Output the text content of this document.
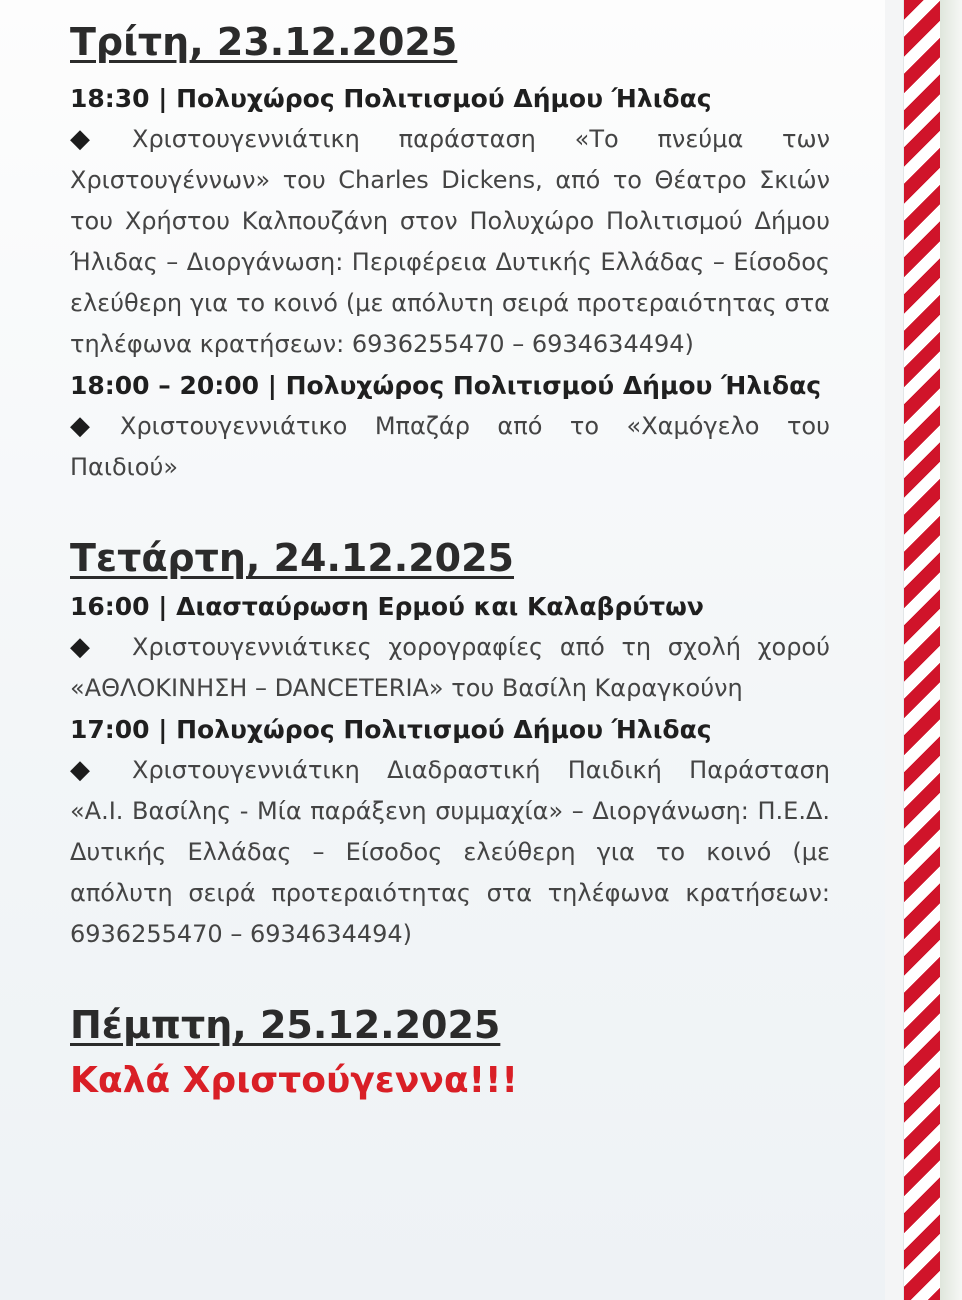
Τρίτη, 23.12.2025
18:30 | Πολυχώρος Πολιτισμού Δήμου Ήλιδας

◆ Χριστουγεννιάτικη παράσταση «Το πνεύμα των Χριστουγέννων» του Charles Dickens, από το Θέατρο Σκιών του Χρήστου Καλπουζάνη στον Πολυχώρο Πολιτισμού Δήμου Ήλιδας – Διοργάνωση: Περιφέρεια Δυτικής Ελλάδας – Είσοδος ελεύθερη για το κοινό (με απόλυτη σειρά προτεραιότητας στα τηλέφωνα κρατήσεων: 6936255470 – 6934634494)

18:00 – 20:00 | Πολυχώρος Πολιτισμού Δήμου Ήλιδας

◆ Χριστουγεννιάτικο Μπαζάρ από το «Χαμόγελο του Παιδιού»

Τετάρτη, 24.12.2025
16:00 | Διασταύρωση Ερμού και Καλαβρύτων

◆ Χριστουγεννιάτικες χορογραφίες από τη σχολή χορού «ΑΘΛΟΚΙΝΗΣΗ – DANCETERIA» του Βασίλη Καραγκούνη

17:00 | Πολυχώρος Πολιτισμού Δήμου Ήλιδας

◆ Χριστουγεννιάτικη Διαδραστική Παιδική Παράσταση «Α.Ι. Βασίλης - Μία παράξενη συμμαχία» – Διοργάνωση: Π.Ε.Δ. Δυτικής Ελλάδας – Είσοδος ελεύθερη για το κοινό (με απόλυτη σειρά προτεραιότητας στα τηλέφωνα κρατήσεων: 6936255470 – 6934634494)

Πέμπτη, 25.12.2025
Καλά Χριστούγεννα!!!
